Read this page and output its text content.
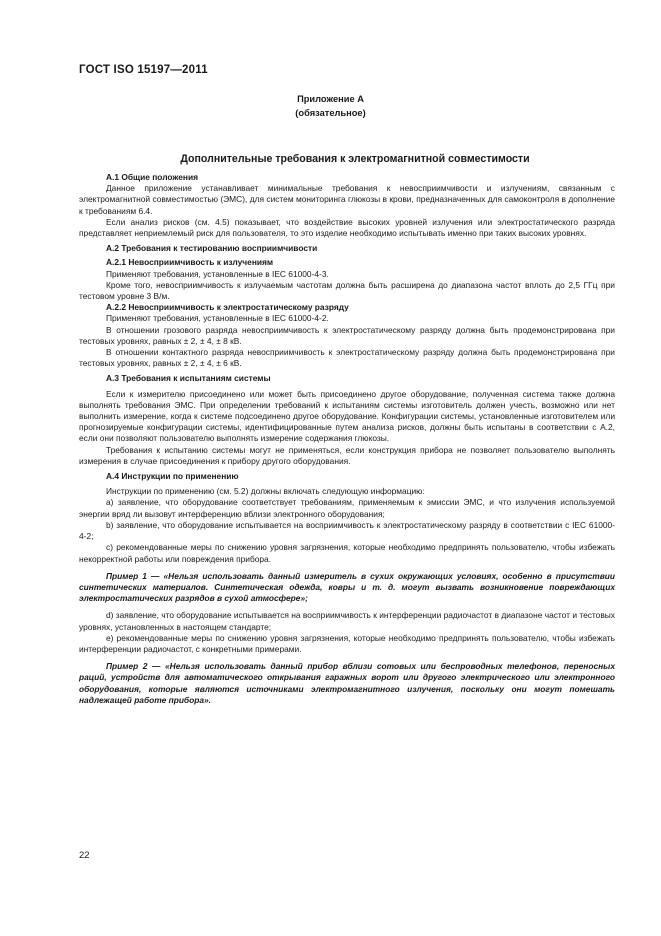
ГОСТ ISO 15197—2011
Приложение А
(обязательное)
Дополнительные требования к электромагнитной совместимости

А.1 Общие положения

Данное приложение устанавливает минимальные требования к невосприимчивости и излучениям, связанным с электромагнитной совместимостью (ЭМС), для систем мониторинга глюкозы в крови, предназначенных для самоконтроля в дополнение к требованиям 6.4.

Если анализ рисков (см. 4.5) показывает, что воздействие высоких уровней излучения или электростатического разряда представляет неприемлемый риск для пользователя, то это изделие необходимо испытывать именно при таких высоких уровнях.

А.2 Требования к тестированию восприимчивости

А.2.1 Невосприимчивость к излучениям

Применяют требования, установленные в IEC 61000-4-3.

Кроме того, невосприимчивость к излучаемым частотам должна быть расширена до диапазона частот вплоть до 2,5 ГГц при тестовом уровне 3 В/м.

А.2.2 Невосприимчивость к электростатическому разряду

Применяют требования, установленные в IEC 61000-4-2.

В отношении грозового разряда невосприимчивость к электростатическому разряду должна быть продемонстрирована при тестовых уровнях, равных ± 2, ± 4, ± 8 кВ.

В отношении контактного разряда невосприимчивость к электростатическому разряду должна быть продемонстрирована при тестовых уровнях, равных ± 2, ± 4, ± 6 кВ.

А.3 Требования к испытаниям системы

Если к измерителю присоединено или может быть присоединено другое оборудование, полученная система также должна выполнять требования ЭМС. При определении требований к испытаниям системы изготовитель должен учесть, возможно или нет выполнить измерение, когда к системе подсоединено другое оборудование. Конфигурации системы, установленные изготовителем или прогнозируемые конфигурации системы, идентифицированные путем анализа рисков, должны быть испытаны в соответствии с А.2, если они позволяют пользователю выполнять измерение содержания глюкозы.

Требования к испытанию системы могут не применяться, если конструкция прибора не позволяет пользователю выполнять измерения в случае присоединения к прибору другого оборудования.

А.4 Инструкции по применению

Инструкции по применению (см. 5.2) должны включать следующую информацию:

a) заявление, что оборудование соответствует требованиям, применяемым к эмиссии ЭМС, и что излучения используемой энергии вряд ли вызовут интерференцию вблизи электронного оборудования;

b) заявление, что оборудование испытывается на восприимчивость к электростатическому разряду в соответствии с IEC 61000-4-2;

c) рекомендованные меры по снижению уровня загрязнения, которые необходимо предпринять пользователю, чтобы избежать некорректной работы или повреждения прибора.

Пример 1 — «Нельзя использовать данный измеритель в сухих окружающих условиях, особенно в присутствии синтетических материалов. Синтетическая одежда, ковры и т. д. могут вызвать возникновение повреждающих электростатических разрядов в сухой атмосфере»;

d) заявление, что оборудование испытывается на восприимчивость к интерференции радиочастот в диапазоне частот и тестовых уровнях, установленных в настоящем стандарте;

e) рекомендованные меры по снижению уровня загрязнения, которые необходимо предпринять пользователю, чтобы избежать интерференции радиочастот, с конкретными примерами.

Пример 2 — «Нельзя использовать данный прибор вблизи сотовых или беспроводных телефонов, переносных раций, устройств для автоматического открывания гаражных ворот или другого электрического или электронного оборудования, которые являются источниками электромагнитного излучения, поскольку они могут помешать надлежащей работе прибора».

22
